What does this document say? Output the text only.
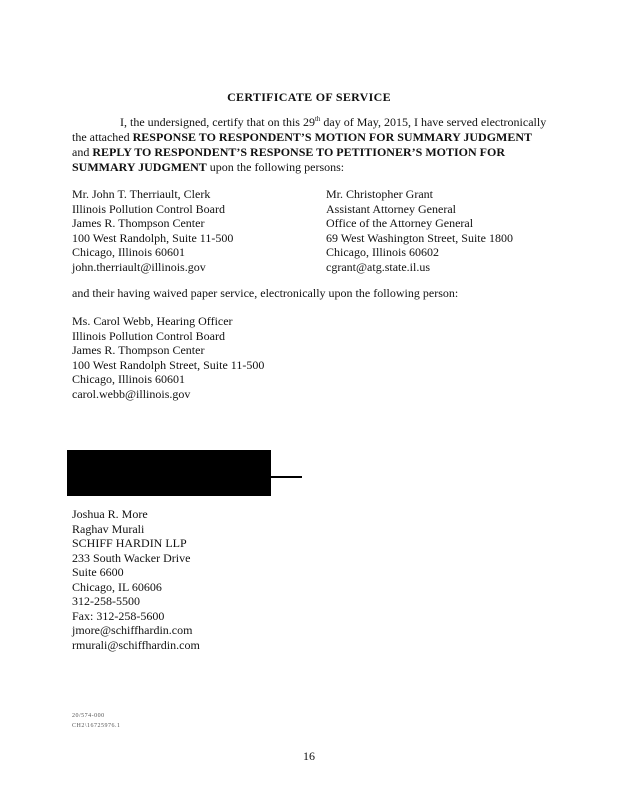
CERTIFICATE OF SERVICE
I, the undersigned, certify that on this 29th day of May, 2015, I have served electronically the attached RESPONSE TO RESPONDENT’S MOTION FOR SUMMARY JUDGMENT and REPLY TO RESPONDENT’S RESPONSE TO PETITIONER’S MOTION FOR SUMMARY JUDGMENT upon the following persons:
Mr. John T. Therriault, Clerk
Illinois Pollution Control Board
James R. Thompson Center
100 West Randolph, Suite 11-500
Chicago, Illinois 60601
john.therriault@illinois.gov
Mr. Christopher Grant
Assistant Attorney General
Office of the Attorney General
69 West Washington Street, Suite 1800
Chicago, Illinois 60602
cgrant@atg.state.il.us
and their having waived paper service, electronically upon the following person:
Ms. Carol Webb, Hearing Officer
Illinois Pollution Control Board
James R. Thompson Center
100 West Randolph Street, Suite 11-500
Chicago, Illinois 60601
carol.webb@illinois.gov
Joshua R. More
Raghav Murali
SCHIFF HARDIN LLP
233 South Wacker Drive
Suite 6600
Chicago, IL 60606
312-258-5500
Fax: 312-258-5600
jmore@schiffhardin.com
rmurali@schiffhardin.com
20/574-000
CH2\16725976.1
16
